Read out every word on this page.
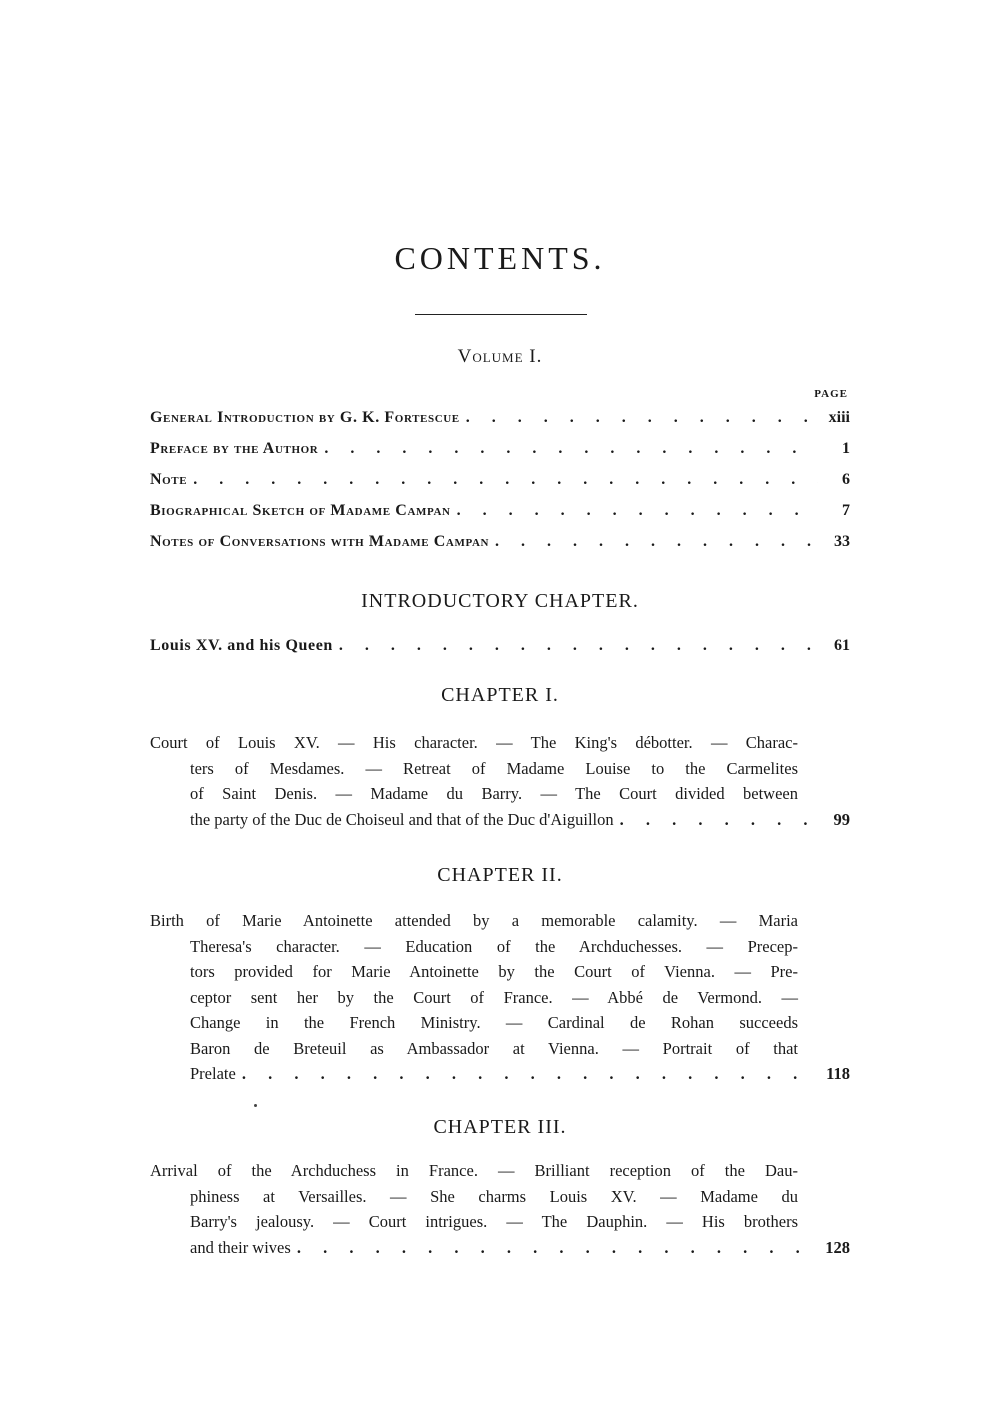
CONTENTS.
Volume I.
PAGE
General Introduction by G. K. Fortescue . . .	xiii
Preface by the Author . . .	1
Note . . .	6
Biographical Sketch of Madame Campan . . .	7
Notes of Conversations with Madame Campan . . .	33
INTRODUCTORY CHAPTER.
Louis XV. and his Queen . . .	61
CHAPTER I.
Court of Louis XV. — His character. — The King's débotter. — Charac-
ters of Mesdames. — Retreat of Madame Louise to the Carmelites
of Saint Denis. — Madame du Barry. — The Court divided between
the party of the Duc de Choiseul and that of the Duc d'Aiguillon . . .	99
CHAPTER II.
Birth of Marie Antoinette attended by a memorable calamity. — Maria
Theresa's character. — Education of the Archduchesses. — Precep-
tors provided for Marie Antoinette by the Court of Vienna. — Pre-
ceptor sent her by the Court of France. — Abbé de Vermond. —
Change in the French Ministry. — Cardinal de Rohan succeeds
Baron de Breteuil as Ambassador at Vienna. — Portrait of that
Prelate . . .	118
CHAPTER III.
Arrival of the Archduchess in France. — Brilliant reception of the Dau-
phiness at Versailles. — She charms Louis XV. — Madame du
Barry's jealousy. — Court intrigues. — The Dauphin. — His brothers
and their wives . . .	128
